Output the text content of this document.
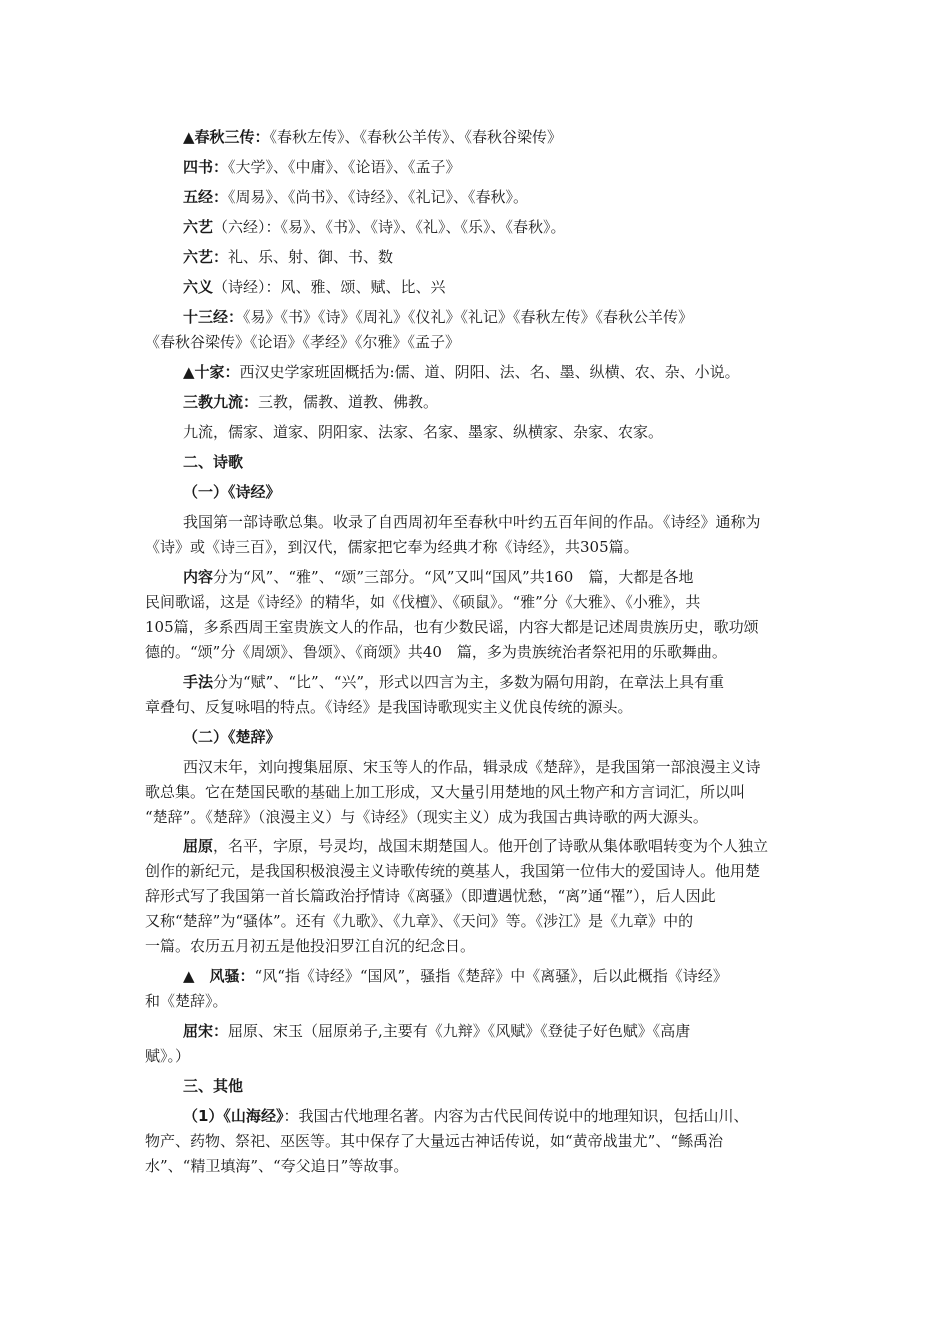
▲春秋三传：《春秋左传》、《春秋公羊传》、《春秋谷梁传》
四书：《大学》、《中庸》、《论语》、《孟子》
五经：《周易》、《尚书》、《诗经》、《礼记》、《春秋》。
六艺（六经）：《易》、《书》、《诗》、《礼》、《乐》、《春秋》。
六艺：礼、乐、射、御、书、数
六义（诗经）：风、雅、颂、赋、比、兴
十三经：《易》《书》《诗》《周礼》《仪礼》《礼记》《春秋左传》《春秋公羊传》
《春秋谷梁传》《论语》《孝经》《尔雅》《孟子》
▲十家：西汉史学家班固概括为:儒、道、阴阳、法、名、墨、纵横、农、杂、小说。
三教九流：三教，儒教、道教、佛教。
九流，儒家、道家、阴阳家、法家、名家、墨家、纵横家、杂家、农家。
二、诗歌
（一）《诗经》
我国第一部诗歌总集。收录了自西周初年至春秋中叶约五百年间的作品。《诗经》通称为
《诗》或《诗三百》，到汉代，儒家把它奉为经典才称《诗经》，共305篇。
内容分为“风”、“雅”、“颂”三部分。“风”又叫“国风”共160　篇，大都是各地
民间歌谣，这是《诗经》的精华，如《伐檀》、《硕鼠》。“雅”分《大雅》、《小雅》，共
105篇，多系西周王室贵族文人的作品，也有少数民谣，内容大都是记述周贵族历史，歌功颂
德的。“颂”分《周颂》、鲁颂》、《商颂》共40　篇，多为贵族统治者祭祀用的乐歌舞曲。
手法分为“赋”、“比”、“兴”，形式以四言为主，多数为隔句用韵，在章法上具有重
章叠句、反复咏唱的特点。《诗经》是我国诗歌现实主义优良传统的源头。
（二）《楚辞》
西汉末年，刘向搜集屈原、宋玉等人的作品，辑录成《楚辞》，是我国第一部浪漫主义诗
歌总集。它在楚国民歌的基础上加工形成，又大量引用楚地的风土物产和方言词汇，所以叫
“楚辞”。《楚辞》（浪漫主义）与《诗经》（现实主义）成为我国古典诗歌的两大源头。
屈原，名平，字原，号灵均，战国末期楚国人。他开创了诗歌从集体歌唱转变为个人独立
创作的新纪元，是我国积极浪漫主义诗歌传统的奠基人，我国第一位伟大的爱国诗人。他用楚
辞形式写了我国第一首长篇政治抒情诗《离骚》（即遭遇忧愁，“离”通“罹”），后人因此
又称“楚辞”为“骚体”。还有《九歌》、《九章》、《天问》等。《涉江》是《九章》中的
一篇。农历五月初五是他投汨罗江自沉的纪念日。
▲　风骚：“风“指《诗经》“国风”，骚指《楚辞》中《离骚》，后以此概指《诗经》
和《楚辞》。
屈宋：屈原、宋玉（屈原弟子,主要有《九辩》《风赋》《登徒子好色赋》《高唐
赋》。）
三、其他
（1）《山海经》：我国古代地理名著。内容为古代民间传说中的地理知识，包括山川、
物产、药物、祭祀、巫医等。其中保存了大量远古神话传说，如“黄帝战蚩尤”、“鲧禹治
水”、“精卫填海”、“夸父追日”等故事。
